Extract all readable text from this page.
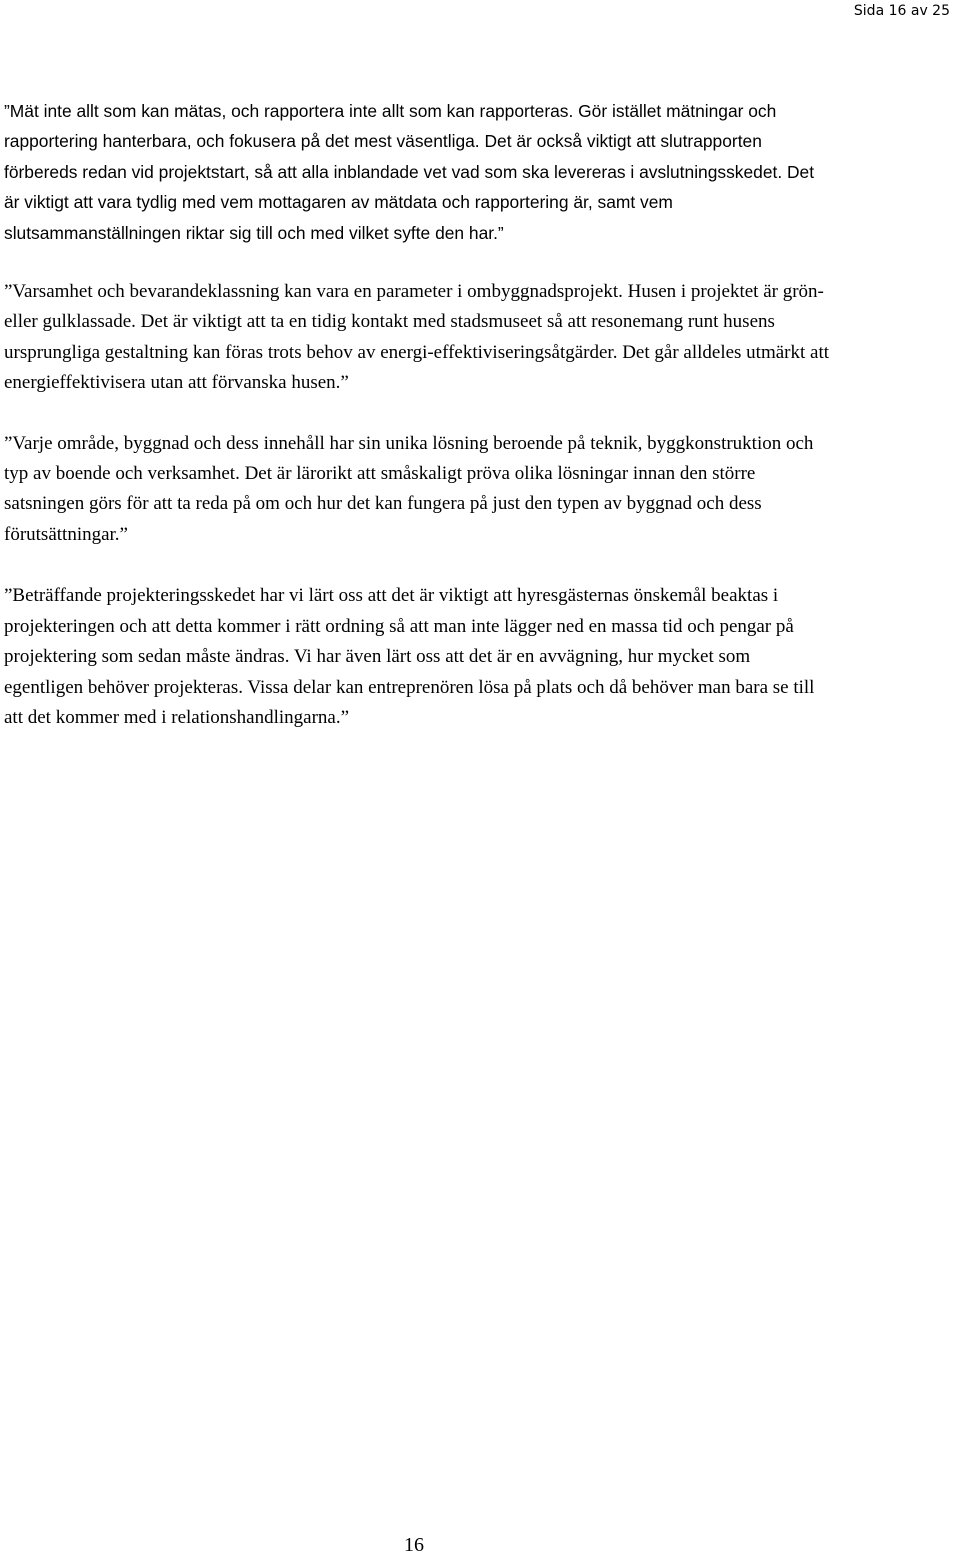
Sida 16 av 25

”Mät inte allt som kan mätas, och rapportera inte allt som kan rapporteras. Gör istället mätningar och rapportering hanterbara, och fokusera på det mest väsentliga. Det är också viktigt att slutrapporten förbereds redan vid projektstart, så att alla inblandade vet vad som ska levereras i avslutningsskedet. Det är viktigt att vara tydlig med vem mottagaren av mätdata och rapportering är, samt vem slutsammanställningen riktar sig till och med vilket syfte den har.”

”Varsamhet och bevarandeklassning kan vara en parameter i ombyggnadsprojekt. Husen i projektet är grön- eller gulklassade. Det är viktigt att ta en tidig kontakt med stadsmuseet så att resonemang runt husens ursprungliga gestaltning kan föras trots behov av energi-effektiviseringsåtgärder. Det går alldeles utmärkt att energieffektivisera utan att förvanska husen.”

”Varje område, byggnad och dess innehåll har sin unika lösning beroende på teknik, byggkonstruktion och typ av boende och verksamhet. Det är lärorikt att småskaligt pröva olika lösningar innan den större satsningen görs för att ta reda på om och hur det kan fungera på just den typen av byggnad och dess förutsättningar.”

”Beträffande projekteringsskedet har vi lärt oss att det är viktigt att hyresgästernas önskemål beaktas i projekteringen och att detta kommer i rätt ordning så att man inte lägger ned en massa tid och pengar på projektering som sedan måste ändras. Vi har även lärt oss att det är en avvägning, hur mycket som egentligen behöver projekteras. Vissa delar kan entreprenören lösa på plats och då behöver man bara se till att det kommer med i relationshandlingarna.”

16
